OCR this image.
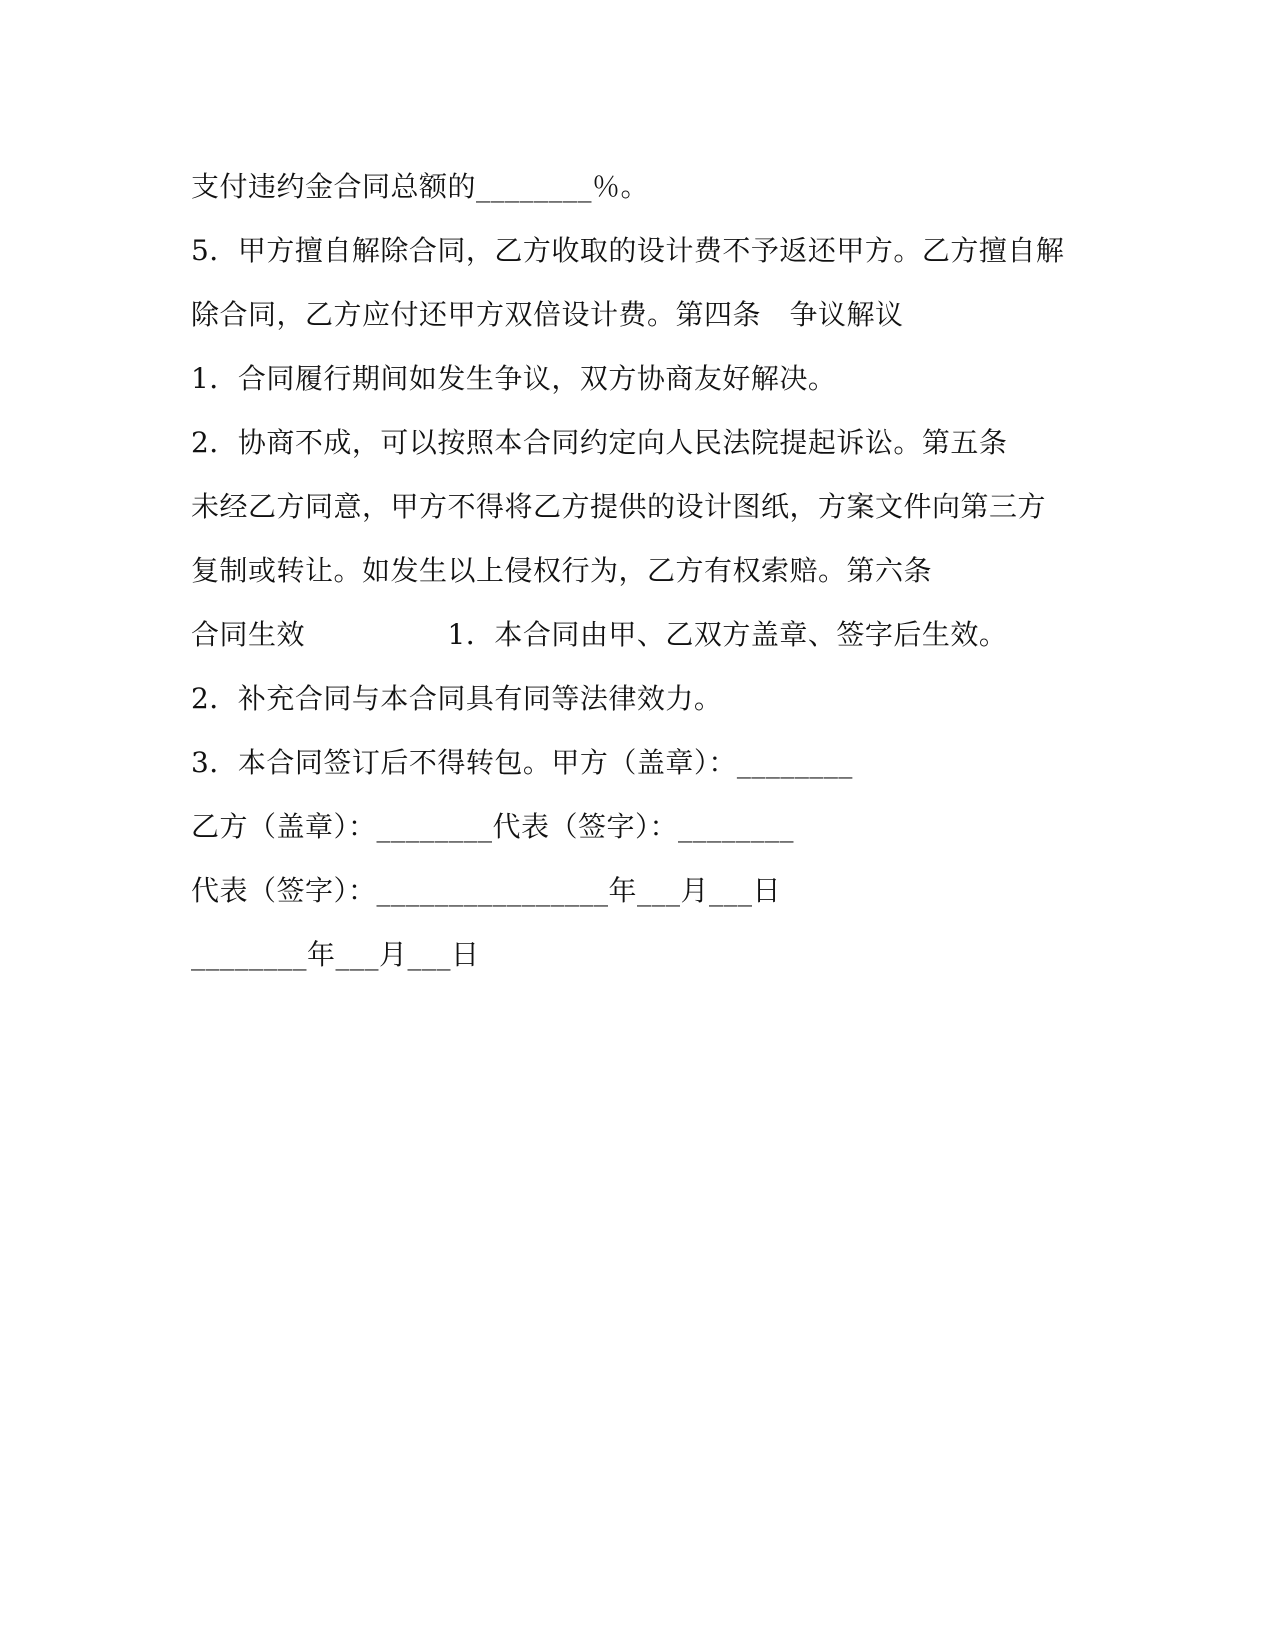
支付违约金合同总额的________％。
5．甲方擅自解除合同，乙方收取的设计费不予返还甲方。乙方擅自解
除合同，乙方应付还甲方双倍设计费。第四条　争议解议
1．合同履行期间如发生争议，双方协商友好解决。
2．协商不成，可以按照本合同约定向人民法院提起诉讼。第五条
未经乙方同意，甲方不得将乙方提供的设计图纸，方案文件向第三方
复制或转让。如发生以上侵权行为，乙方有权索赔。第六条
合同生效　　　　　1．本合同由甲、乙双方盖章、签字后生效。
2．补充合同与本合同具有同等法律效力。
3．本合同签订后不得转包。甲方（盖章）：________
乙方（盖章）：________代表（签字）：________
代表（签字）：________________年___月___日
________年___月___日
